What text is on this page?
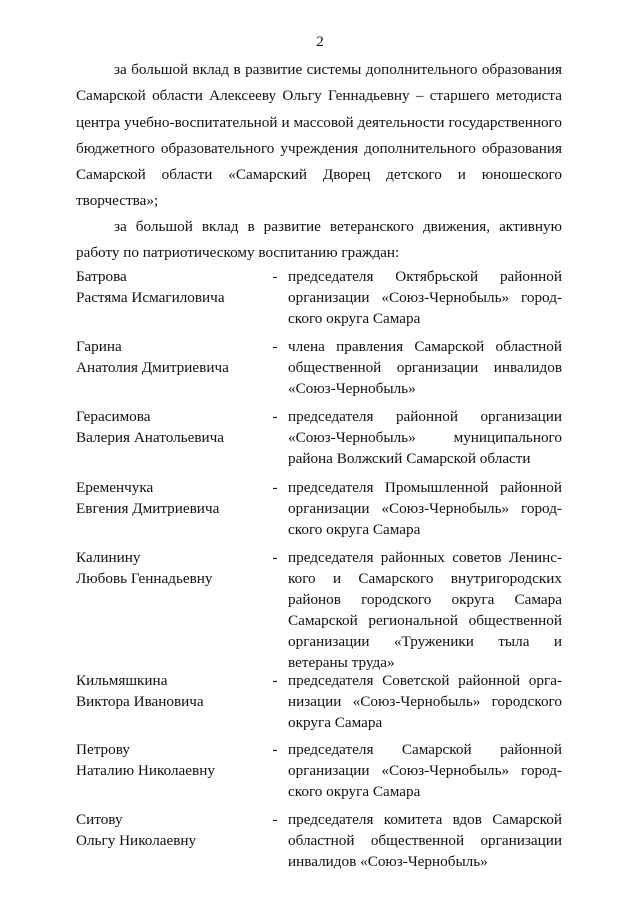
2
за большой вклад в развитие системы дополнительного образования
Самарской области Алексееву Ольгу Геннадьевну – старшего методиста
центра учебно-воспитательной и массовой деятельности государственного
бюджетного образовательного учреждения дополнительного образования
Самарской области «Самарский Дворец детского и юношеского
творчества»;
за большой вклад в развитие ветеранского движения, активную
работу по патриотическому воспитанию граждан:
Батрова
Растяма Исмагиловича
- председателя Октябрьской районной
организации «Союз-Чернобыль» город-
ского округа Самара
Гарина
Анатолия Дмитриевича
- члена правления Самарской областной
общественной организации инвалидов
«Союз-Чернобыль»
Герасимова
Валерия Анатольевича
- председателя районной организации
«Союз-Чернобыль» муниципального
района Волжский Самарской области
Еременчука
Евгения Дмитриевича
- председателя Промышленной районной
организации «Союз-Чернобыль» город-
ского округа Самара
Калинину
Любовь Геннадьевну
- председателя районных советов Ленинс-
кого и Самарского внутригородских
районов городского округа Самара
Самарской региональной общественной
организации «Труженики тыла и
ветераны труда»
Кильмяшкина
Виктора Ивановича
- председателя Советской районной орга-
низации «Союз-Чернобыль» городского
округа Самара
Петрову
Наталию Николаевну
- председателя Самарской районной
организации «Союз-Чернобыль» город-
ского округа Самара
Ситову
Ольгу Николаевну
- председателя комитета вдов Самарской
областной общественной организации
инвалидов «Союз-Чернобыль»
